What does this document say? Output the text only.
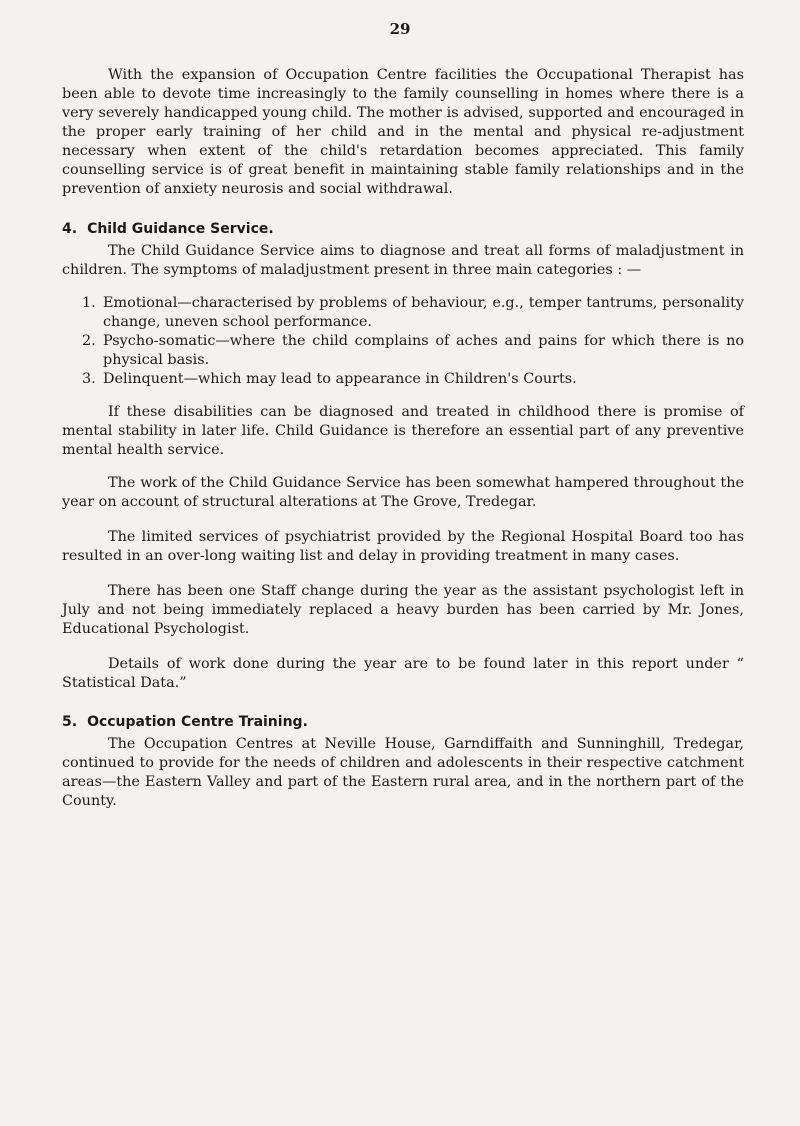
29

With the expansion of Occupation Centre facilities the Occupational Therapist has been able to devote time increasingly to the family counselling in homes where there is a very severely handicapped young child. The mother is advised, supported and encouraged in the proper early training of her child and in the mental and physical re-adjustment necessary when extent of the child's retardation becomes appreciated. This family counselling service is of great benefit in maintaining stable family relationships and in the prevention of anxiety neurosis and social withdrawal.

4. Child Guidance Service.

The Child Guidance Service aims to diagnose and treat all forms of maladjustment in children. The symptoms of maladjustment present in three main categories : —

1. Emotional—characterised by problems of behaviour, e.g., temper tantrums, personality change, uneven school performance.
2. Psycho-somatic—where the child complains of aches and pains for which there is no physical basis.
3. Delinquent—which may lead to appearance in Children's Courts.

If these disabilities can be diagnosed and treated in childhood there is promise of mental stability in later life. Child Guidance is therefore an essential part of any preventive mental health service.

The work of the Child Guidance Service has been somewhat hampered throughout the year on account of structural alterations at The Grove, Tredegar.

The limited services of psychiatrist provided by the Regional Hospital Board too has resulted in an over-long waiting list and delay in providing treatment in many cases.

There has been one Staff change during the year as the assistant psychologist left in July and not being immediately replaced a heavy burden has been carried by Mr. Jones, Educational Psychologist.

Details of work done during the year are to be found later in this report under “ Statistical Data.”

5. Occupation Centre Training.

The Occupation Centres at Neville House, Garndiffaith and Sunninghill, Tredegar, continued to provide for the needs of children and adolescents in their respective catchment areas—the Eastern Valley and part of the Eastern rural area, and in the northern part of the County.
